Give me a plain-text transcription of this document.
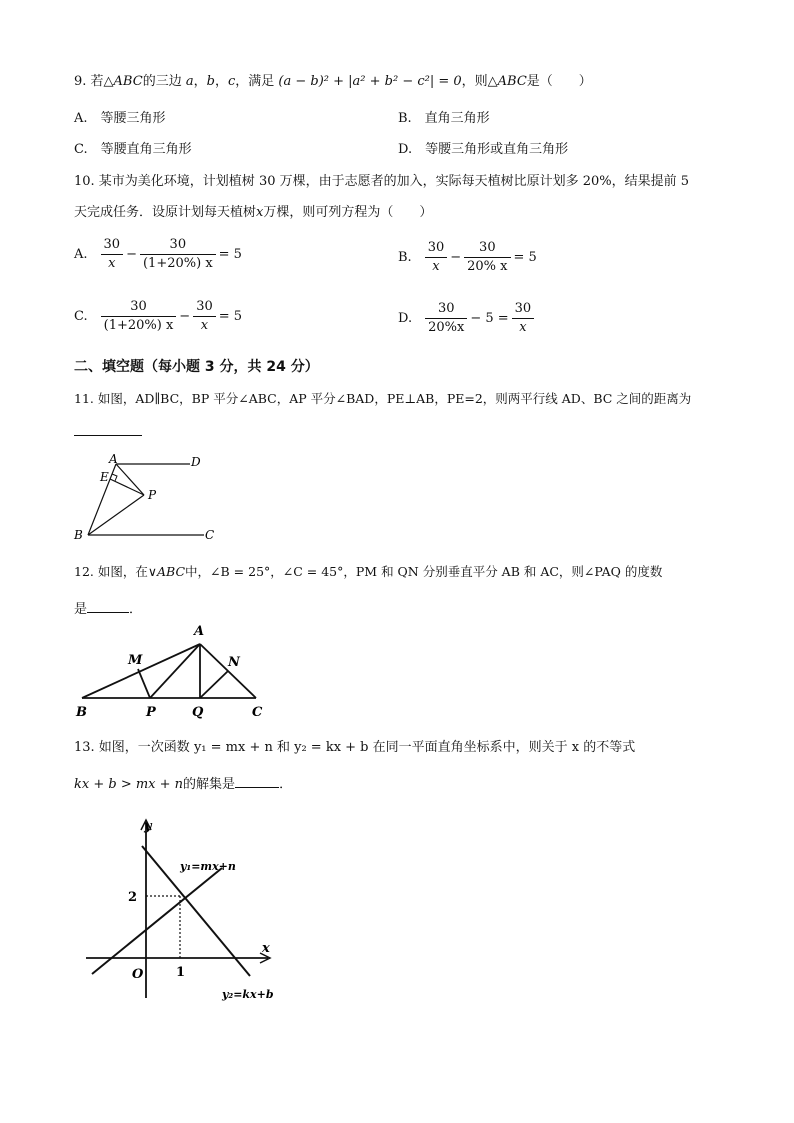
9. 若△ABC的三边 a，b，c，满足 (a − b)² + |a² + b² − c²| = 0，则△ABC是（　　）
A.　等腰三角形	B.　直角三角形
C.　等腰直角三角形	D.　等腰三角形或直角三角形
10. 某市为美化环境，计划植树 30 万棵，由于志愿者的加入，实际每天植树比原计划多 20%，结果提前 5
天完成任务．设原计划每天植树x万棵，则可列方程为（　　）
A. $\frac{30}{x} - \frac{30}{(1+20\%) x} = 5$	B. $\frac{30}{x} - \frac{30}{20\% x} = 5$
C. $\frac{30}{(1+20\%) x} - \frac{30}{x} = 5$	D. $\frac{30}{20\%x} - 5 = \frac{30}{x}$
二、填空题（每小题 3 分，共 24 分）
11. 如图，AD∥BC，BP 平分∠ABC，AP 平分∠BAD，PE⊥AB，PE=2，则两平行线 AD、BC 之间的距离为
A	D
E
P
B	C
12. 如图，在∨ABC中，∠B = 25°，∠C = 45°，PM 和 QN 分别垂直平分 AB 和 AC，则∠PAQ 的度数
是	．
A
M	N
B	P	Q	C
13. 如图，一次函数 y₁ = mx + n 和 y₂ = kx + b 在同一平面直角坐标系中，则关于 x 的不等式
kx + b > mx + n的解集是	．
y
x
2
1
O
y₁=mx+n
y₂=kx+b
